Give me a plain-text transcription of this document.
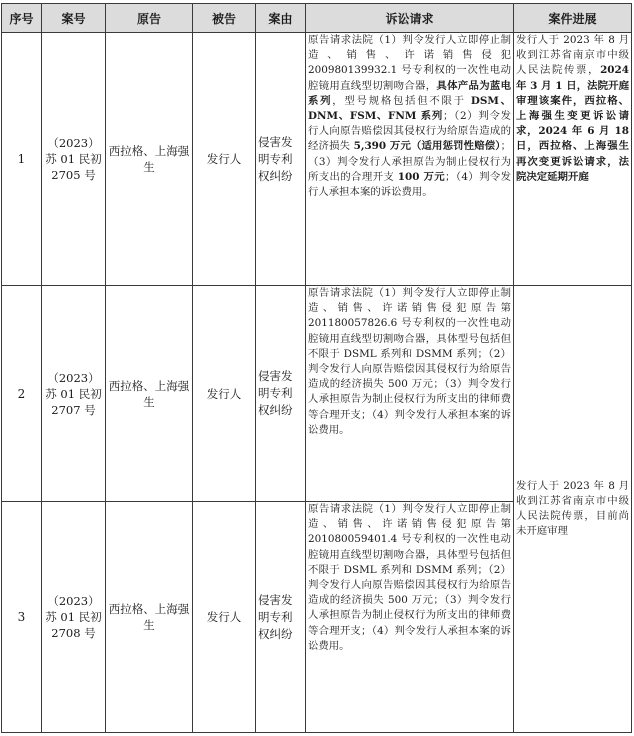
序号	案号	原告	被告	案由	诉讼请求	案件进展
1	（2023）苏 01 民初 2705 号	西拉格、上海强生	发行人	侵害发明专利权纠纷	原告请求法院（1）判令发行人立即停止制造、销售、许诺销售侵犯 200980139932.1 号专利权的一次性电动腔镜用直线型切割吻合器，具体产品为蓝电系列，型号规格包括但不限于 DSM、DNM、FSM、FNM 系列；（2）判令发行人向原告赔偿因其侵权行为给原告造成的经济损失 5,390 万元（适用惩罚性赔偿）；（3）判令发行人承担原告为制止侵权行为所支出的合理开支 100 万元；（4）判令发行人承担本案的诉讼费用。	发行人于 2023 年 8 月收到江苏省南京市中级人民法院传票，2024 年 3 月 1 日，法院开庭审理该案件，西拉格、上海强生变更诉讼请求，2024 年 6 月 18 日，西拉格、上海强生再次变更诉讼请求，法院决定延期开庭
2	（2023）苏 01 民初 2707 号	西拉格、上海强生	发行人	侵害发明专利权纠纷	原告请求法院（1）判令发行人立即停止制造、销售、许诺销售侵犯原告第 201180057826.6 号专利权的一次性电动腔镜用直线型切割吻合器，具体型号包括但不限于 DSML 系列和 DSMM 系列；（2）判令发行人向原告赔偿因其侵权行为给原告造成的经济损失 500 万元；（3）判令发行人承担原告为制止侵权行为所支出的律师费等合理开支；（4）判令发行人承担本案的诉讼费用。	发行人于 2023 年 8 月收到江苏省南京市中级人民法院传票，目前尚未开庭审理
3	（2023）苏 01 民初 2708 号	西拉格、上海强生	发行人	侵害发明专利权纠纷	原告请求法院（1）判令发行人立即停止制造、销售、许诺销售侵犯原告第 201080059401.4 号专利权的一次性电动腔镜用直线型切割吻合器，具体型号包括但不限于 DSML 系列和 DSMM 系列；（2）判令发行人向原告赔偿因其侵权行为给原告造成的经济损失 500 万元；（3）判令发行人承担原告为制止侵权行为所支出的律师费等合理开支；（4）判令发行人承担本案的诉讼费用。	
